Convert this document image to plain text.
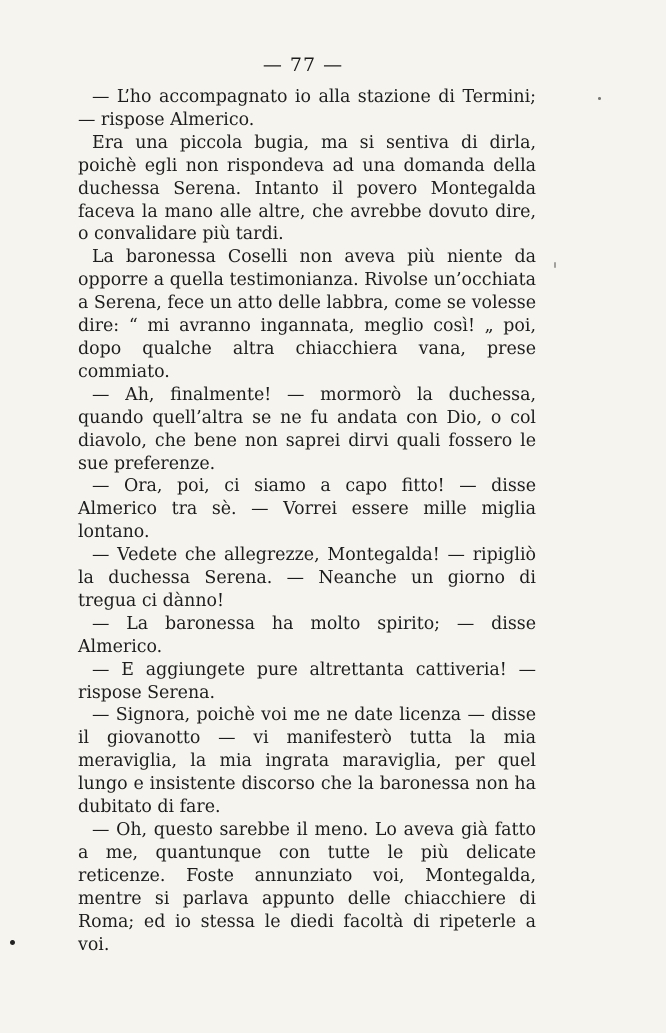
— 77 —

— L’ho accompagnato io alla stazione di Termini; — rispose Almerico.

Era una piccola bugia, ma si sentiva di dirla, poichè egli non rispondeva ad una domanda della duchessa Serena. Intanto il povero Montegalda faceva la mano alle altre, che avrebbe dovuto dire, o convalidare più tardi.

La baronessa Coselli non aveva più niente da opporre a quella testimonianza. Rivolse un’occhiata a Serena, fece un atto delle labbra, come se volesse dire: “ mi avranno ingannata, meglio così! „ poi, dopo qualche altra chiacchiera vana, prese commiato.

— Ah, finalmente! — mormorò la duchessa, quando quell’altra se ne fu andata con Dio, o col diavolo, che bene non saprei dirvi quali fossero le sue preferenze.

— Ora, poi, ci siamo a capo fitto! — disse Almerico tra sè. — Vorrei essere mille miglia lontano.

— Vedete che allegrezze, Montegalda! — ripigliò la duchessa Serena. — Neanche un giorno di tregua ci dànno!

— La baronessa ha molto spirito; — disse Almerico.

— E aggiungete pure altrettanta cattiveria! — rispose Serena.

— Signora, poichè voi me ne date licenza — disse il giovanotto — vi manifesterò tutta la mia meraviglia, la mia ingrata maraviglia, per quel lungo e insistente discorso che la baronessa non ha dubitato di fare.

— Oh, questo sarebbe il meno. Lo aveva già fatto a me, quantunque con tutte le più delicate reticenze. Foste annunziato voi, Montegalda, mentre si parlava appunto delle chiacchiere di Roma; ed io stessa le diedi facoltà di ripeterle a voi.
